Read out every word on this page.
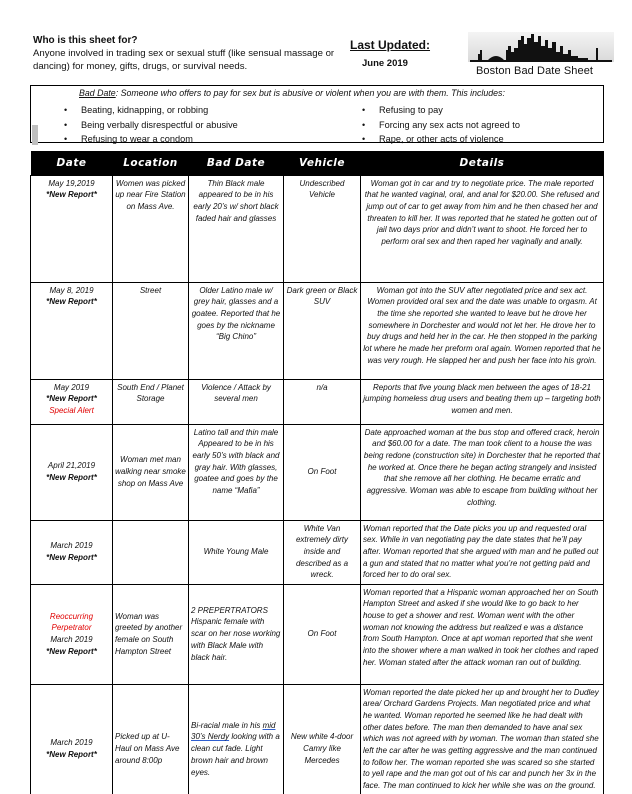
Who is this sheet for?
Anyone involved in trading sex or sexual stuff (like sensual massage or dancing) for money, gifts, drugs, or survival needs.
Last Updated:
June 2019
Boston Bad Date Sheet
Bad Date: Someone who offers to pay for sex but is abusive or violent when you are with them. This includes:
• Beating, kidnapping, or robbing
• Being verbally disrespectful or abusive
• Refusing to wear a condom
• Refusing to pay
• Forcing any sex acts not agreed to
• Rape, or other acts of violence
Date	Location	Bad Date	Vehicle	Details

May 19,2019
*New Report*	Women was picked up near Fire Station on Mass Ave.	Thin Black male appeared to be in his early 20’s w/ short black faded hair and glasses	Undescribed Vehicle	Woman got in car and try to negotiate price. The male reported that he wanted vaginal, oral, and anal for $20.00. She refused and jump out of car to get away from him and he then chased her and threaten to kill her. It was reported that he stated he gotten out of jail two days prior and didn’t want to shoot. He forced her to perform oral sex and then raped her vaginally and anally.

May 8, 2019
*New Report*	Street	Older Latino male w/ grey hair, glasses and a goatee. Reported that he goes by the nickname “Big Chino”	Dark green or Black SUV	Woman got into the SUV after negotiated price and sex act. Women provided oral sex and the date was unable to orgasm. At the time she reported she wanted to leave but he drove her somewhere in Dorchester and would not let her. He drove her to buy drugs and held her in the car. He then stopped in the parking lot where he made her preform oral again. Women reported that he was very rough. He slapped her and push her face into his groin.

May 2019
*New Report*
Special Alert	South End / Planet Storage	Violence / Attack by several men	n/a	Reports that five young black men between the ages of 18-21 jumping homeless drug users and beating them up – targeting both women and men.

April 21,2019
*New Report*	Woman met man walking near smoke shop on Mass Ave	Latino tall and thin male Appeared to be in his early 50’s with black and gray hair. With glasses, goatee and goes by the name “Mafia”	On Foot	Date approached woman at the bus stop and offered crack, heroin and $60.00 for a date. The man took client to a house the was being redone (construction site) in Dorchester that he reported that he worked at. Once there he began acting strangely and insisted that she remove all her clothing. He became erratic and aggressive. Woman was able to escape from building without her clothing.

March 2019
*New Report*		White Young Male	White Van extremely dirty inside and described as a wreck.	Woman reported that the Date picks you up and requested oral sex. While in van negotiating pay the date states that he’ll pay after. Woman reported that she argued with man and he pulled out a gun and stated that no matter what you’re not getting paid and forced her to do oral sex.

Reoccurring Perpetrator
March 2019
*New Report*
	Woman was greeted by another female on South Hampton Street	2 PREPERTRATORS Hispanic female with scar on her nose working with Black Male with black hair.	On Foot	Woman reported that a Hispanic woman approached her on South Hampton Street and asked if she would like to go back to her house to get a shower and rest. Woman went with the other woman not knowing the address but realized e was a distance from South Hampton. Once at apt woman reported that she went into the shower where a man walked in took her clothes and raped her. Woman stated after the attack woman ran out of building.

March 2019
*New Report*	Picked up at U-Haul on Mass Ave around 8:00p	Bi-racial male in his mid 30’s Nerdy looking with a clean cut fade. Light brown hair and brown eyes.	New white 4-door Camry like Mercedes	Woman reported the date picked her up and brought her to Dudley area/ Orchard Gardens Projects. Man negotiated price and what he wanted. Woman reported he seemed like he had dealt with other dates before. The man then demanded to have anal sex which was not agreed with by woman. The woman than stated she left the car after he was getting aggressive and the man continued to follow her. The woman reported she was scared so she started to yell rape and the man got out of his car and punch her 3x in the face. The man continued to kick her while she was on the ground.
